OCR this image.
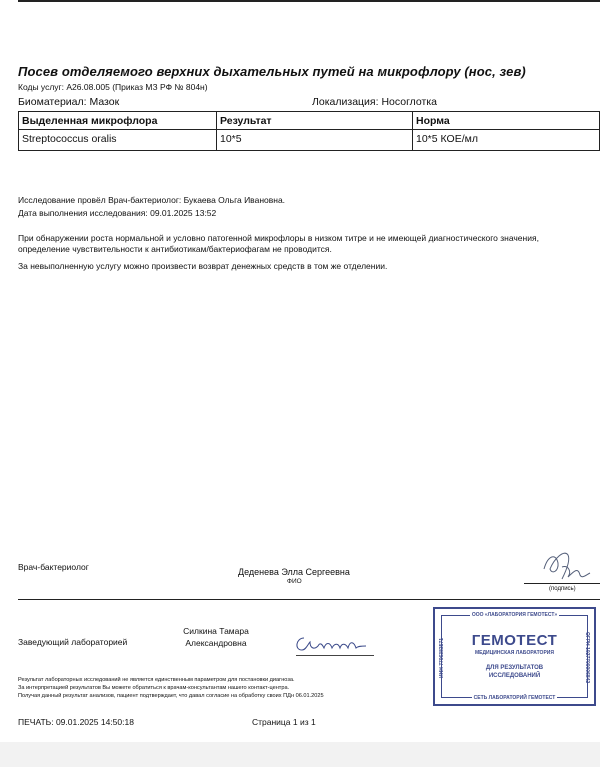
Посев отделяемого верхних дыхательных путей на микрофлору (нос, зев)
Коды услуг: A26.08.005 (Приказ МЗ РФ № 804н)
Биоматериал: Мазок	Локализация: Носоглотка
Выделенная микрофлора	Результат	Норма
Streptococcus oralis	10*5	10*5 КОЕ/мл
Исследование провёл Врач-бактериолог: Букаева Ольга Ивановна.
Дата выполнения исследования: 09.01.2025 13:52
При обнаружении роста нормальной и условно патогенной микрофлоры в низком титре и не имеющей диагностического значения, определение чувствительности к антибиотикам/бактериофагам не проводится.
За невыполненную услугу можно произвести возврат денежных средств в том же отделении.
Врач-бактериолог	Деденева Элла Сергеевна
ФИО
(подпись)
Заведующий лабораторией
Силкина Тамара Александровна
Результат лабораторных исследований не является единственным параметром для постановки диагноза.
За интерпретацией результатов Вы можете обратиться к врачам-консультантам нашего контакт-центра.
Получая данный результат анализов, пациент подтверждает, что давал согласие на обработку своих ПДн 06.01.2025
ПЕЧАТЬ: 09.01.2025 14:50:18	Страница 1 из 1
ООО «ЛАБОРАТОРИЯ ГЕМОТЕСТ»
ИНН 7706383571	ОГРН 1027700006842
ГЕМОТЕСТ
МЕДИЦИНСКАЯ ЛАБОРАТОРИЯ
ДЛЯ РЕЗУЛЬТАТОВ
ИССЛЕДОВАНИЙ
СЕТЬ ЛАБОРАТОРИЙ ГЕМОТЕСТ
